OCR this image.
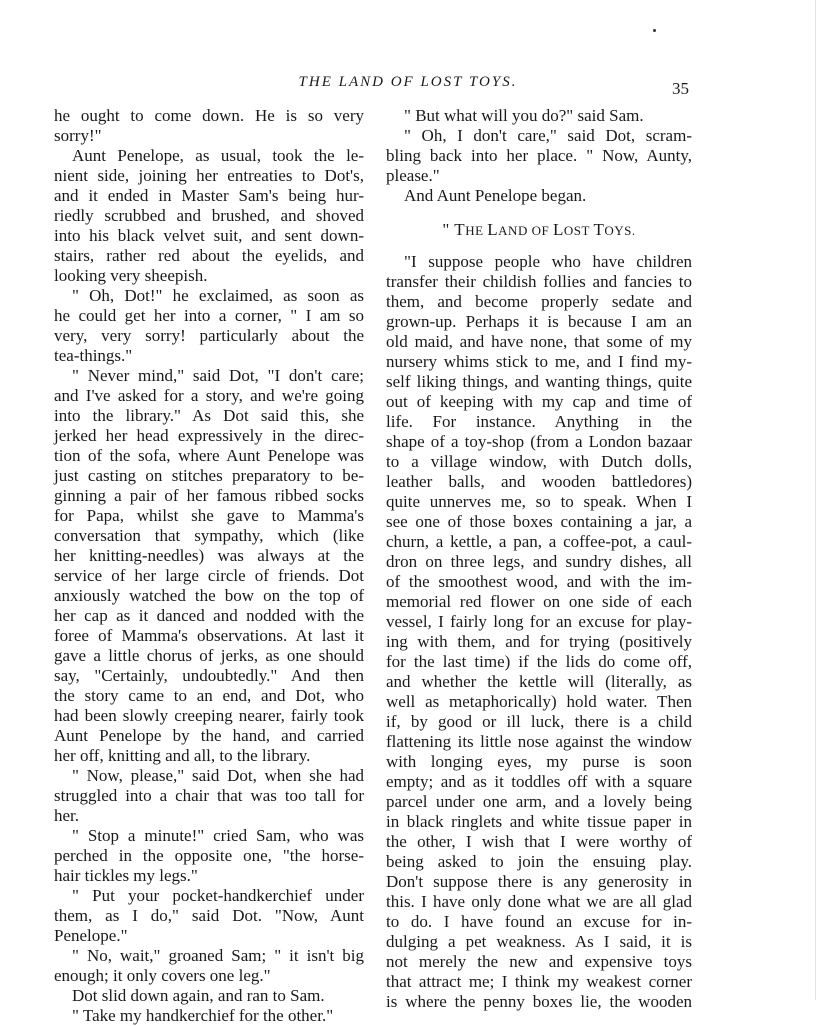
THE LAND OF LOST TOYS.	35
he ought to come down. He is so very
sorry!"
Aunt Penelope, as usual, took the le-
nient side, joining her entreaties to Dot's,
and it ended in Master Sam's being hur-
riedly scrubbed and brushed, and shoved
into his black velvet suit, and sent down-
stairs, rather red about the eyelids, and
looking very sheepish.
" Oh, Dot!" he exclaimed, as soon as
he could get her into a corner, " I am so
very, very sorry! particularly about the
tea-things."
" Never mind," said Dot, "I don't care;
and I've asked for a story, and we're going
into the library." As Dot said this, she
jerked her head expressively in the direc-
tion of the sofa, where Aunt Penelope was
just casting on stitches preparatory to be-
ginning a pair of her famous ribbed socks
for Papa, whilst she gave to Mamma's
conversation that sympathy, which (like
her knitting-needles) was always at the
service of her large circle of friends. Dot
anxiously watched the bow on the top of
her cap as it danced and nodded with the
foree of Mamma's observations. At last it
gave a little chorus of jerks, as one should
say, "Certainly, undoubtedly." And then
the story came to an end, and Dot, who
had been slowly creeping nearer, fairly took
Aunt Penelope by the hand, and carried
her off, knitting and all, to the library.
" Now, please," said Dot, when she had
struggled into a chair that was too tall for
her.
" Stop a minute!" cried Sam, who was
perched in the opposite one, "the horse-
hair tickles my legs."
" Put your pocket-handkerchief under
them, as I do," said Dot. "Now, Aunt
Penelope."
" No, wait," groaned Sam; " it isn't big
enough; it only covers one leg."
Dot slid down again, and ran to Sam.
" Take my handkerchief for the other."
" But what will you do?" said Sam.
" Oh, I don't care," said Dot, scram-
bling back into her place. " Now, Aunty,
please."
And Aunt Penelope began.
" THE LAND OF LOST TOYS.
"I suppose people who have children
transfer their childish follies and fancies to
them, and become properly sedate and
grown-up. Perhaps it is because I am an
old maid, and have none, that some of my
nursery whims stick to me, and I find my-
self liking things, and wanting things, quite
out of keeping with my cap and time of
life. For instance. Anything in the
shape of a toy-shop (from a London bazaar
to a village window, with Dutch dolls,
leather balls, and wooden battledores)
quite unnerves me, so to speak. When I
see one of those boxes containing a jar, a
churn, a kettle, a pan, a coffee-pot, a caul-
dron on three legs, and sundry dishes, all
of the smoothest wood, and with the im-
memorial red flower on one side of each
vessel, I fairly long for an excuse for play-
ing with them, and for trying (positively
for the last time) if the lids do come off,
and whether the kettle will (literally, as
well as metaphorically) hold water. Then
if, by good or ill luck, there is a child
flattening its little nose against the window
with longing eyes, my purse is soon
empty; and as it toddles off with a square
parcel under one arm, and a lovely being
in black ringlets and white tissue paper in
the other, I wish that I were worthy of
being asked to join the ensuing play.
Don't suppose there is any generosity in
this. I have only done what we are all glad
to do. I have found an excuse for in-
dulging a pet weakness. As I said, it is
not merely the new and expensive toys
that attract me; I think my weakest corner
is where the penny boxes lie, the wooden
